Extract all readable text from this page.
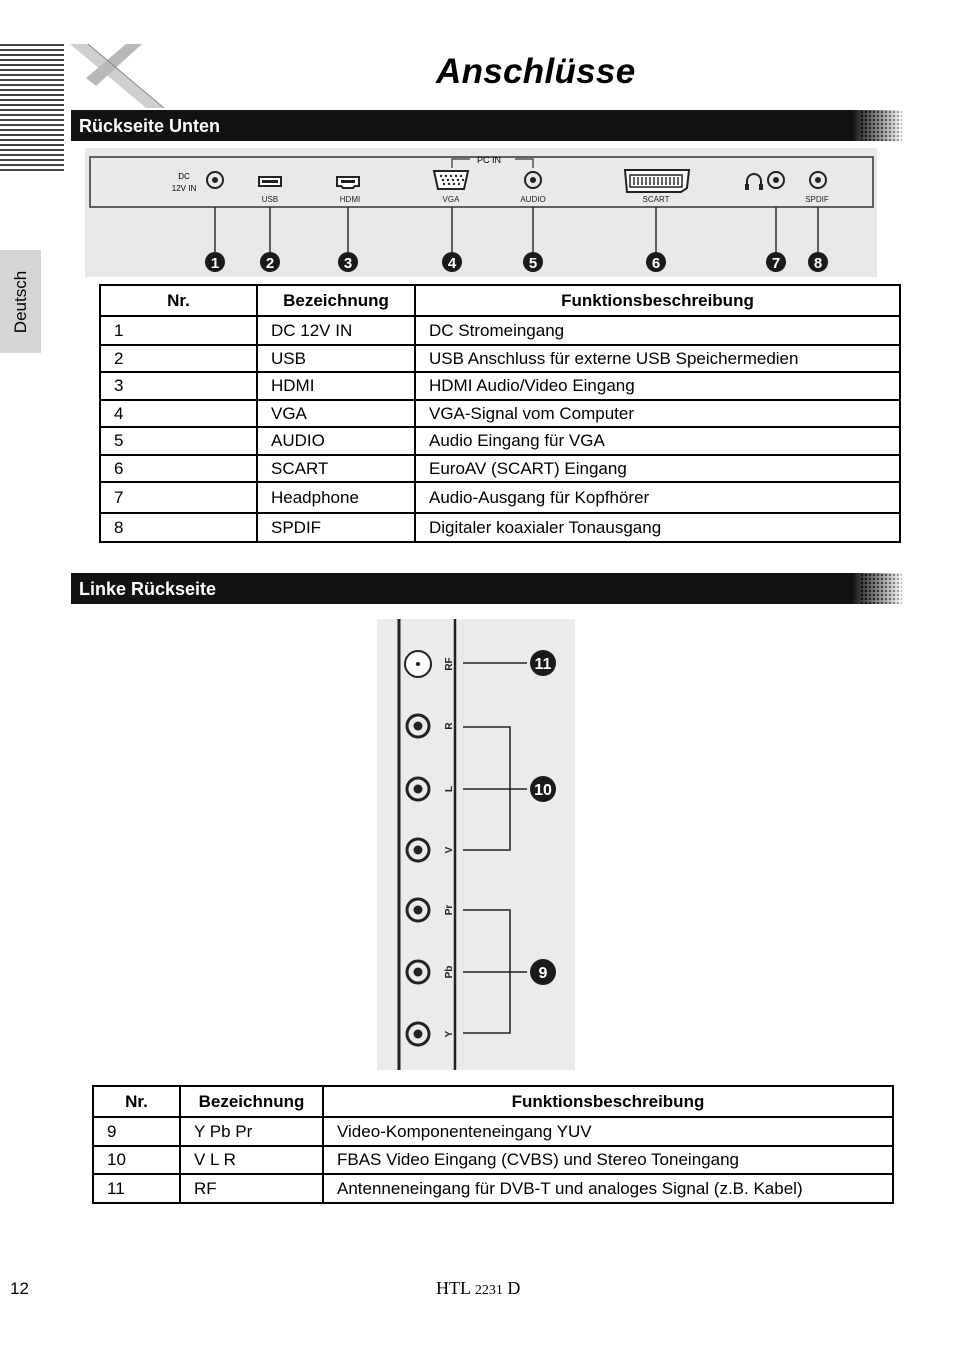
Anschlüsse
Deutsch
Rückseite Unten
PC IN
DC
12V IN
USB	HDMI	VGA	AUDIO	SCART	SPDIF
1	2	3	4	5	6	7 8
Nr.	Bezeichnung	Funktionsbeschreibung
1	DC 12V IN	DC Stromeingang
2	USB	USB Anschluss für externe USB Speichermedien
3	HDMI	HDMI Audio/Video Eingang
4	VGA	VGA-Signal vom Computer
5	AUDIO	Audio Eingang für VGA
6	SCART	EuroAV (SCART) Eingang
7	Headphone	Audio-Ausgang für Kopfhörer
8	SPDIF	Digitaler koaxialer Tonausgang
Linke Rückseite
RF
R
L
V
Pr
Pb
Y
11
10
9
Nr.	Bezeichnung	Funktionsbeschreibung
9	Y Pb Pr	Video-Komponenteneingang YUV
10	V L R	FBAS Video Eingang (CVBS) und Stereo Toneingang
11	RF	Antenneneingang für DVB-T und analoges Signal (z.B. Kabel)
12	HTL 2231 D
